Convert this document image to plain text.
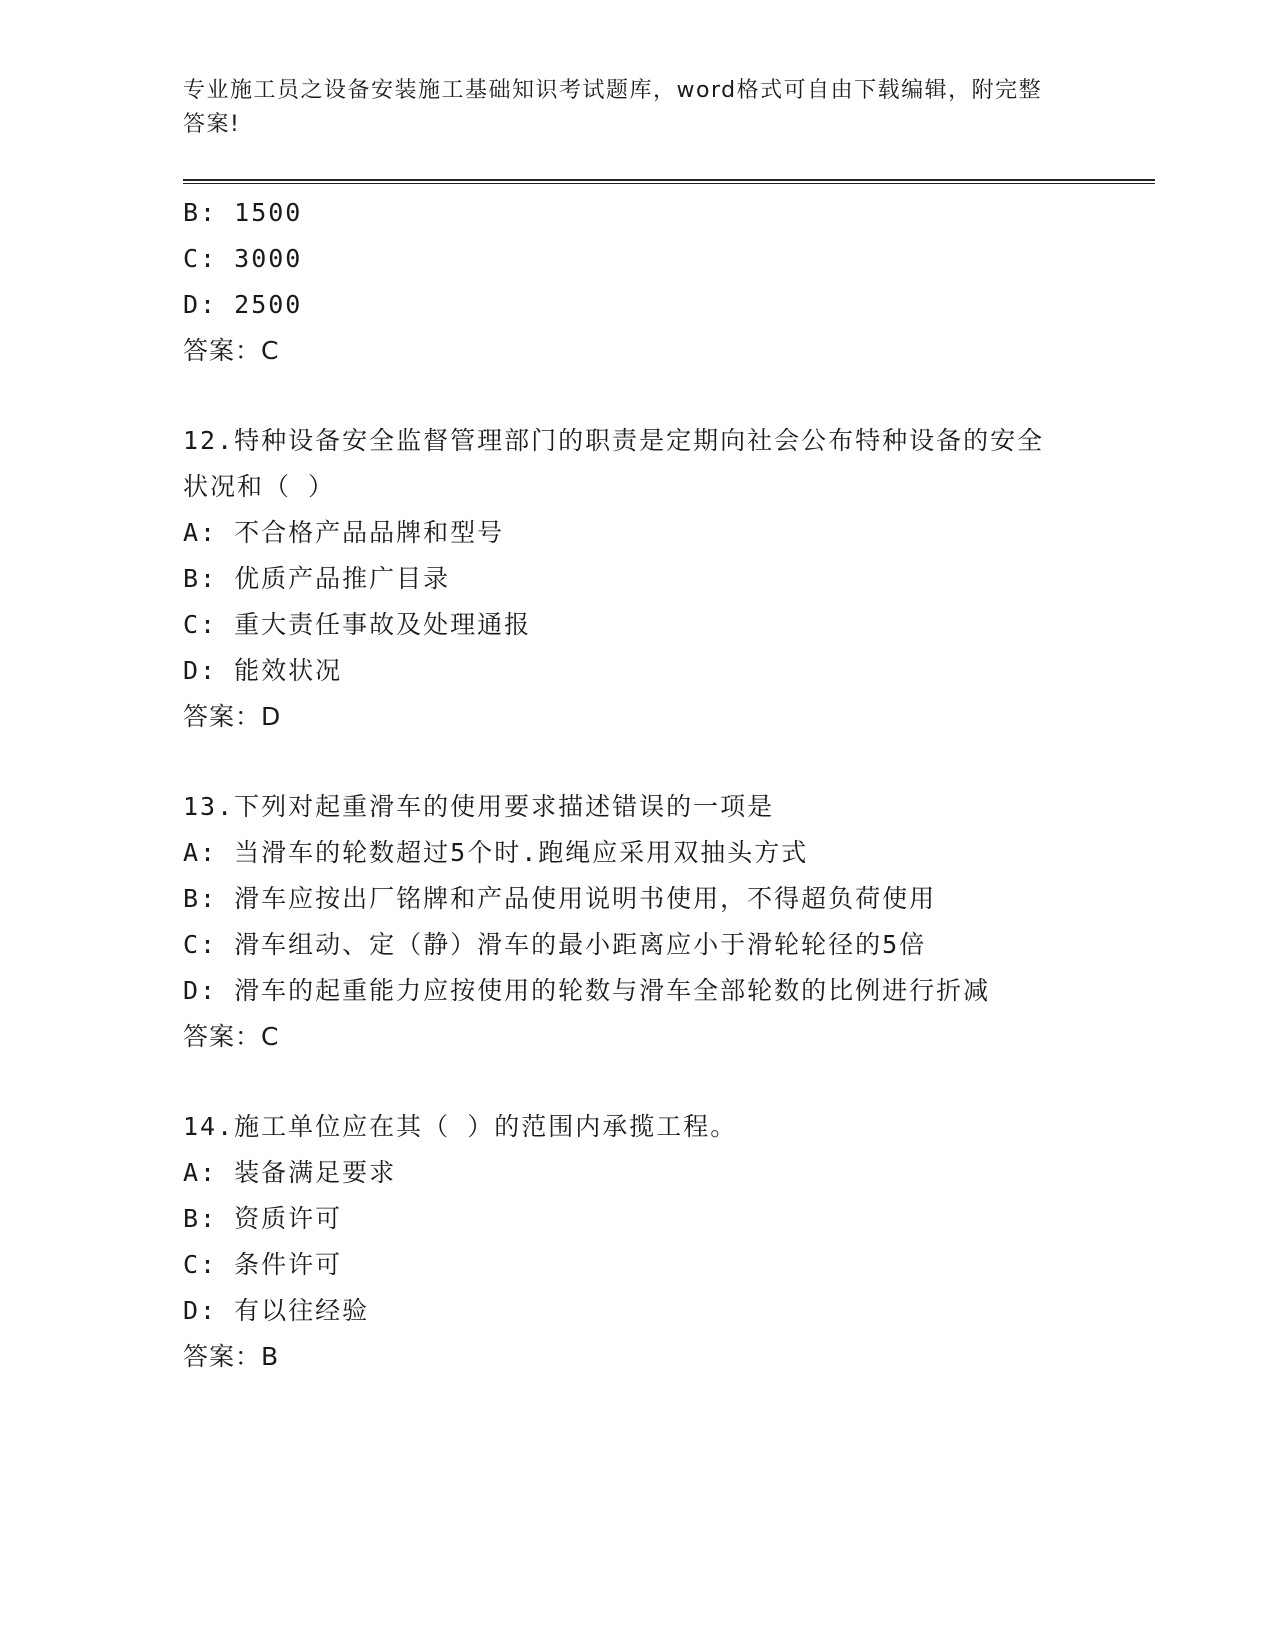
专业施工员之设备安装施工基础知识考试题库，word格式可自由下载编辑，附完整答案!
B: 1500
C: 3000
D: 2500
答案：C
12.特种设备安全监督管理部门的职责是定期向社会公布特种设备的安全状况和（ ）
A: 不合格产品品牌和型号
B: 优质产品推广目录
C: 重大责任事故及处理通报
D: 能效状况
答案：D
13.下列对起重滑车的使用要求描述错误的一项是
A: 当滑车的轮数超过5个时.跑绳应采用双抽头方式
B: 滑车应按出厂铭牌和产品使用说明书使用，不得超负荷使用
C: 滑车组动、定（静）滑车的最小距离应小于滑轮轮径的5倍
D: 滑车的起重能力应按使用的轮数与滑车全部轮数的比例进行折减
答案：C
14.施工单位应在其（ ）的范围内承揽工程。
A: 装备满足要求
B: 资质许可
C: 条件许可
D: 有以往经验
答案：B
